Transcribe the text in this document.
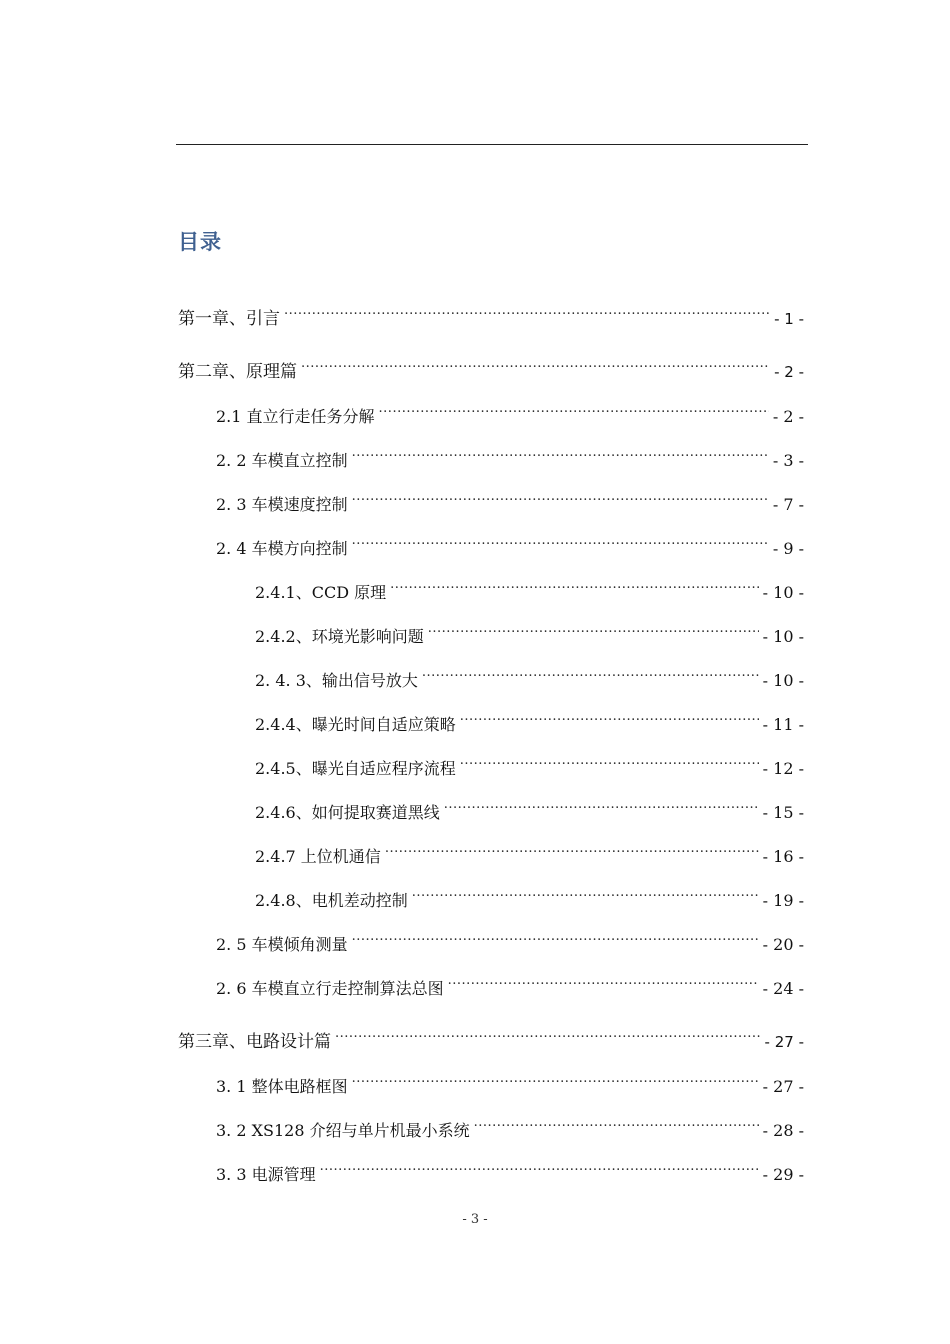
目录
第一章、引言 .....	- 1 -
第二章、原理篇 .....	- 2 -
2.1 直立行走任务分解 .....	- 2 -
2. 2 车模直立控制 .....	- 3 -
2. 3 车模速度控制 .....	- 7 -
2. 4 车模方向控制 .....	- 9 -
2.4.1、CCD 原理 .....	- 10 -
2.4.2、环境光影响问题 .....	- 10 -
2. 4. 3、输出信号放大 .....	- 10 -
2.4.4、曝光时间自适应策略 .....	- 11 -
2.4.5、曝光自适应程序流程 .....	- 12 -
2.4.6、如何提取赛道黑线 .....	- 15 -
2.4.7 上位机通信 .....	- 16 -
2.4.8、电机差动控制 .....	- 19 -
2. 5 车模倾角测量 .....	- 20 -
2. 6 车模直立行走控制算法总图 .....	- 24 -
第三章、电路设计篇 .....	- 27 -
3. 1 整体电路框图 .....	- 27 -
3. 2 XS128 介绍与单片机最小系统 .....	- 28 -
3. 3 电源管理 .....	- 29 -
- 3 -
